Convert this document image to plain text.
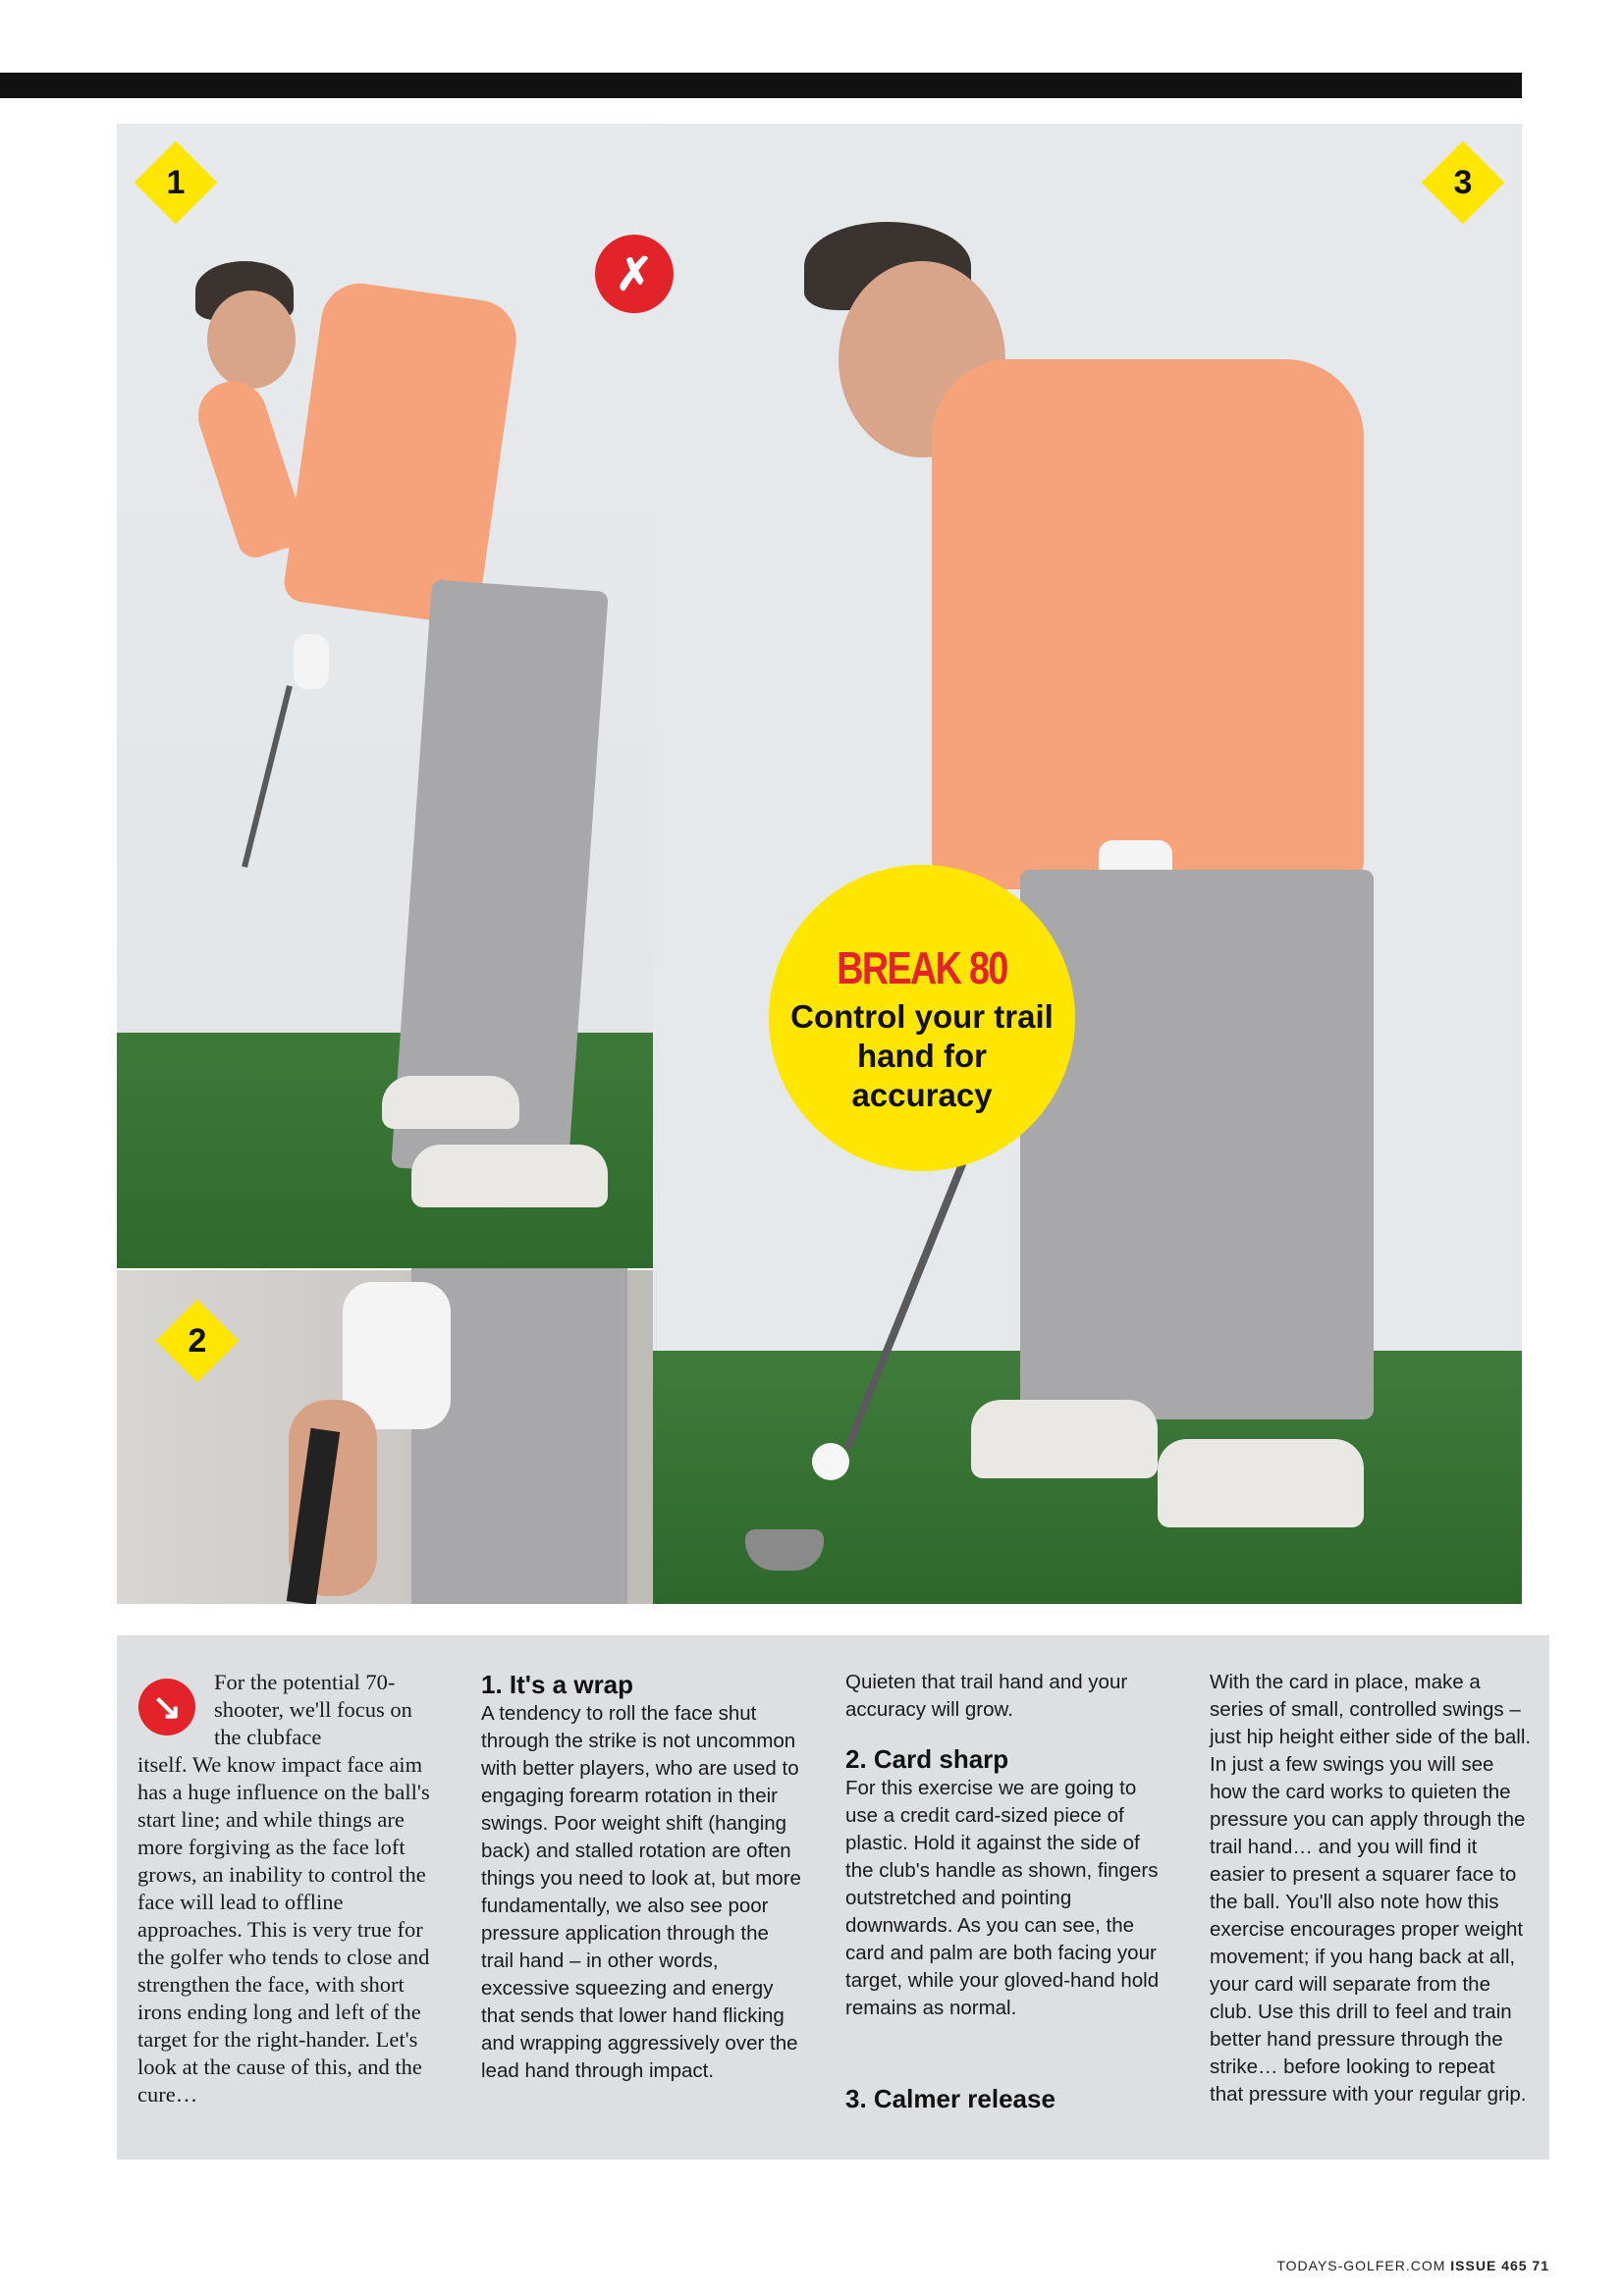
1
2
3
✗
BREAK 80
Control your trail hand for accuracy
↘
For the potential 70-shooter, we'll focus on the clubface
itself. We know impact face aim has a huge influence on the ball's start line; and while things are more forgiving as the face loft grows, an inability to control the face will lead to offline approaches. This is very true for the golfer who tends to close and strengthen the face, with short irons ending long and left of the target for the right-hander. Let's look at the cause of this, and the cure…
1. It's a wrap

A tendency to roll the face shut through the strike is not uncommon with better players, who are used to engaging forearm rotation in their swings. Poor weight shift (hanging back) and stalled rotation are often things you need to look at, but more fundamentally, we also see poor pressure application through the trail hand – in other words, excessive squeezing and energy that sends that lower hand flicking and wrapping aggressively over the lead hand through impact.

Quieten that trail hand and your accuracy will grow.

2. Card sharp

For this exercise we are going to use a credit card-sized piece of plastic. Hold it against the side of the club's handle as shown, fingers outstretched and pointing downwards. As you can see, the card and palm are both facing your target, while your gloved-hand hold remains as normal.

3. Calmer release

With the card in place, make a series of small, controlled swings – just hip height either side of the ball. In just a few swings you will see how the card works to quieten the pressure you can apply through the trail hand… and you will find it easier to present a squarer face to the ball. You'll also note how this exercise encourages proper weight movement; if you hang back at all, your card will separate from the club. Use this drill to feel and train better hand pressure through the strike… before looking to repeat that pressure with your regular grip.

TODAYS-GOLFER.COM ISSUE 465 71
